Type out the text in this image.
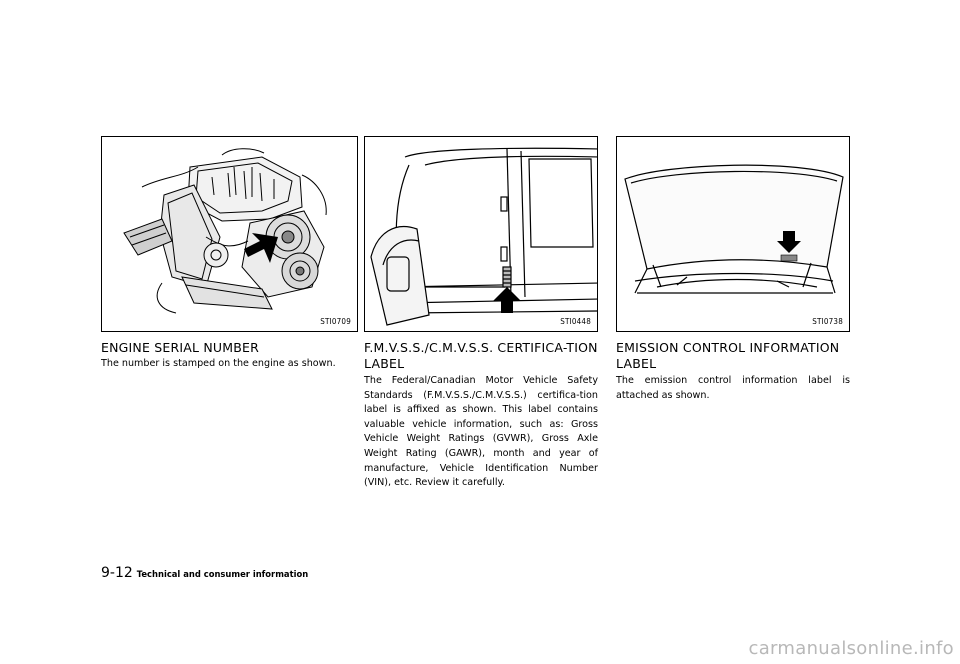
STI0709	STI0448	STI0738
ENGINE SERIAL NUMBER

The number is stamped on the engine as shown.

F.M.V.S.S./C.M.V.S.S. CERTIFICA-TION LABEL

The Federal/Canadian Motor Vehicle Safety Standards (F.M.V.S.S./C.M.V.S.S.) certifica-tion label is affixed as shown. This label contains valuable vehicle information, such as: Gross Vehicle Weight Ratings (GVWR), Gross Axle Weight Rating (GAWR), month and year of manufacture, Vehicle Identification Number (VIN), etc. Review it carefully.

EMISSION CONTROL INFORMATION LABEL

The emission control information label is attached as shown.

9-12 Technical and consumer information
carmanualsonline.info
